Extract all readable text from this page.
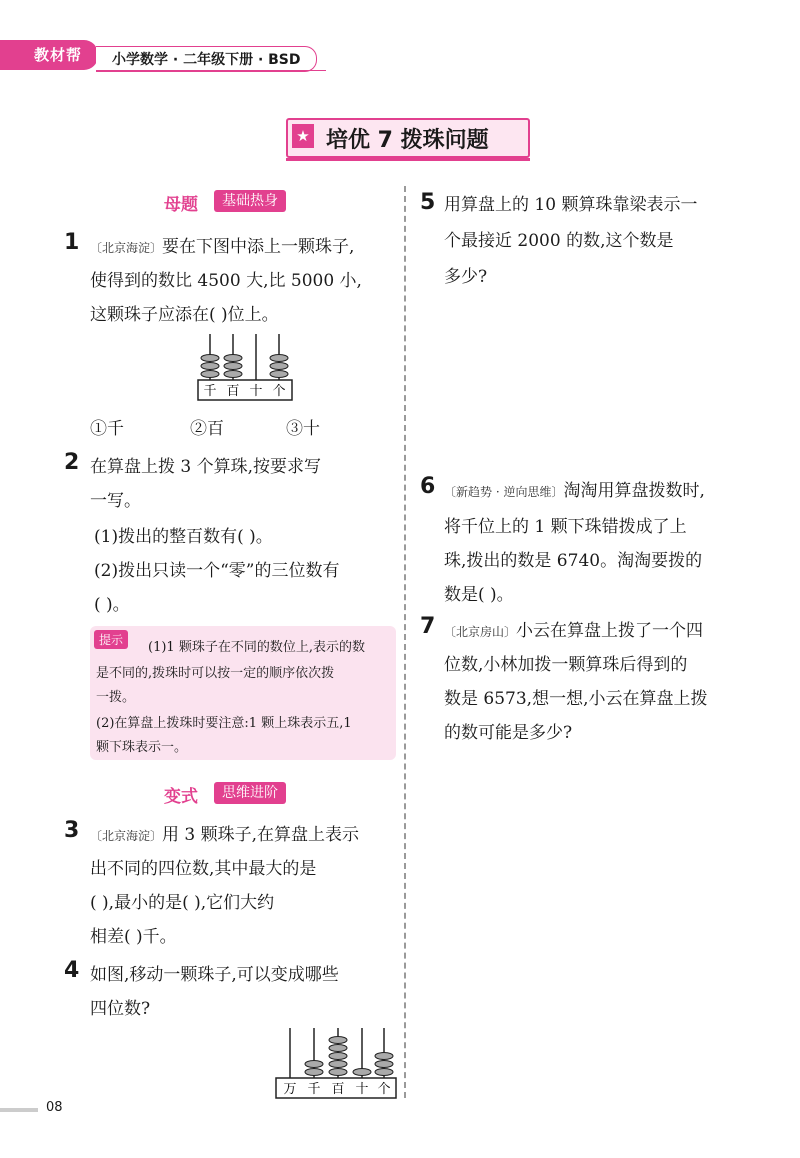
教材帮 小学数学 · 二年级下册 · BSD
★ 培优 7 拨珠问题
母题	基础热身
1 〔北京海淀〕要在下图中添上一颗珠子,
使得到的数比 4500 大,比 5000 小,
这颗珠子应添在( )位上。
千 百 十 个
①千	②百	③十
2 在算盘上拨 3 个算珠,按要求写
一写。
(1)拨出的整百数有( )。
(2)拨出只读一个“零”的三位数有
( )。
提示	(1)1 颗珠子在不同的数位上,表示的数
是不同的,拨珠时可以按一定的顺序依次拨
一拨。
(2)在算盘上拨珠时要注意:1 颗上珠表示五,1
颗下珠表示一。
变式	思维进阶
3 〔北京海淀〕用 3 颗珠子,在算盘上表示
出不同的四位数,其中最大的是
( ),最小的是( ),它们大约
相差( )千。
4 如图,移动一颗珠子,可以变成哪些
四位数?
万 千 百 十 个
5 用算盘上的 10 颗算珠靠梁表示一
个最接近 2000 的数,这个数是
多少?
6 〔新趋势 · 逆向思维〕淘淘用算盘拨数时,
将千位上的 1 颗下珠错拨成了上
珠,拨出的数是 6740。淘淘要拨的
数是( )。
7 〔北京房山〕小云在算盘上拨了一个四
位数,小林加拨一颗算珠后得到的
数是 6573,想一想,小云在算盘上拨
的数可能是多少?
08
